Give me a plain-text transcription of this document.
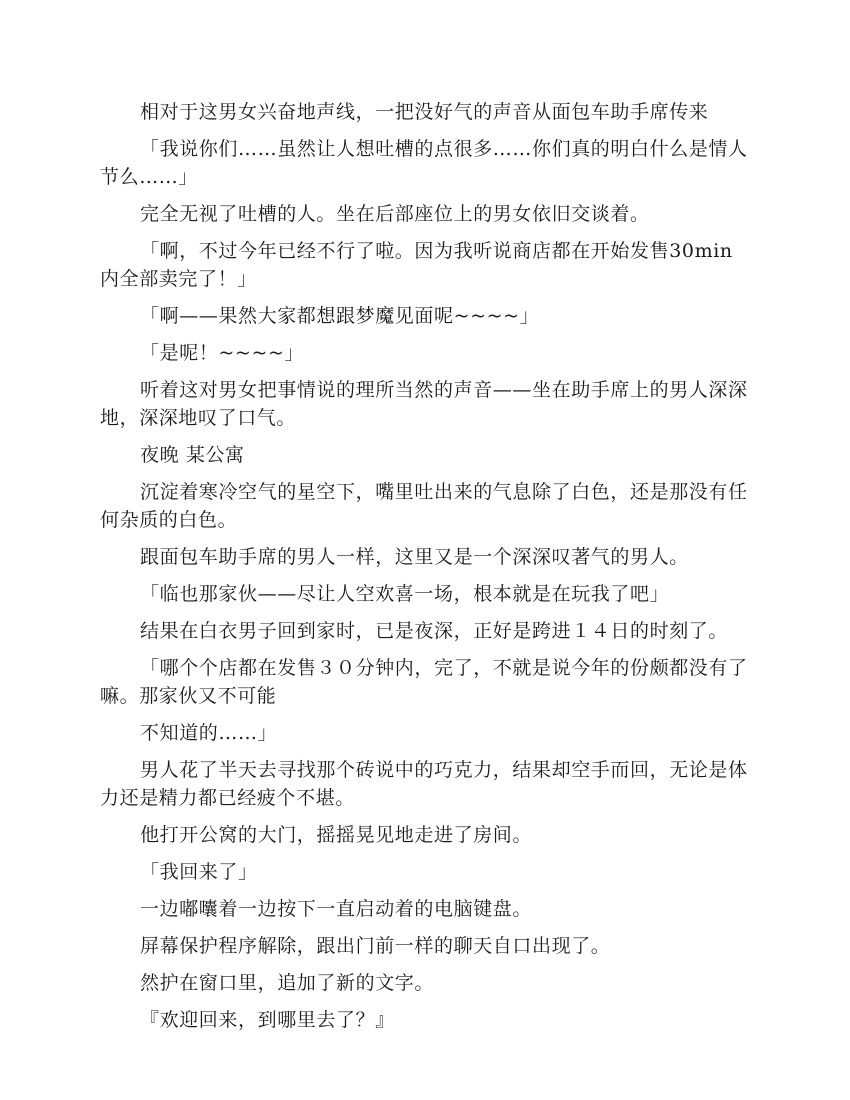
相对于这男女兴奋地声线，一把没好气的声音从面包车助手席传来

「我说你们……虽然让人想吐槽的点很多……你们真的明白什么是情人节么……」

完全无视了吐槽的人。坐在后部座位上的男女依旧交谈着。

「啊，不过今年已经不行了啦。因为我听说商店都在开始发售30min内全部卖完了！」

「啊——果然大家都想跟梦魔见面呢~~~~」

「是呢！~~~~」

听着这对男女把事情说的理所当然的声音——坐在助手席上的男人深深地，深深地叹了口气。

夜晚 某公寓

沉淀着寒冷空气的星空下，嘴里吐出来的气息除了白色，还是那没有任何杂质的白色。

跟面包车助手席的男人一样，这里又是一个深深叹著气的男人。

「临也那家伙——尽让人空欢喜一场，根本就是在玩我了吧」

结果在白衣男子回到家时，已是夜深，正好是跨进１４日的时刻了。

「哪个个店都在发售３０分钟内，完了，不就是说今年的份颇都没有了嘛。那家伙又不可能

不知道的……」

男人花了半天去寻找那个砖说中的巧克力，结果却空手而回，无论是体力还是精力都已经疲个不堪。

他打开公窝的大门，摇摇晃见地走进了房间。

「我回来了」

一边嘟囔着一边按下一直启动着的电脑键盘。

屏幕保护程序解除，跟出门前一样的聊天自口出现了。

然护在窗口里，追加了新的文字。

『欢迎回来，到哪里去了？』
